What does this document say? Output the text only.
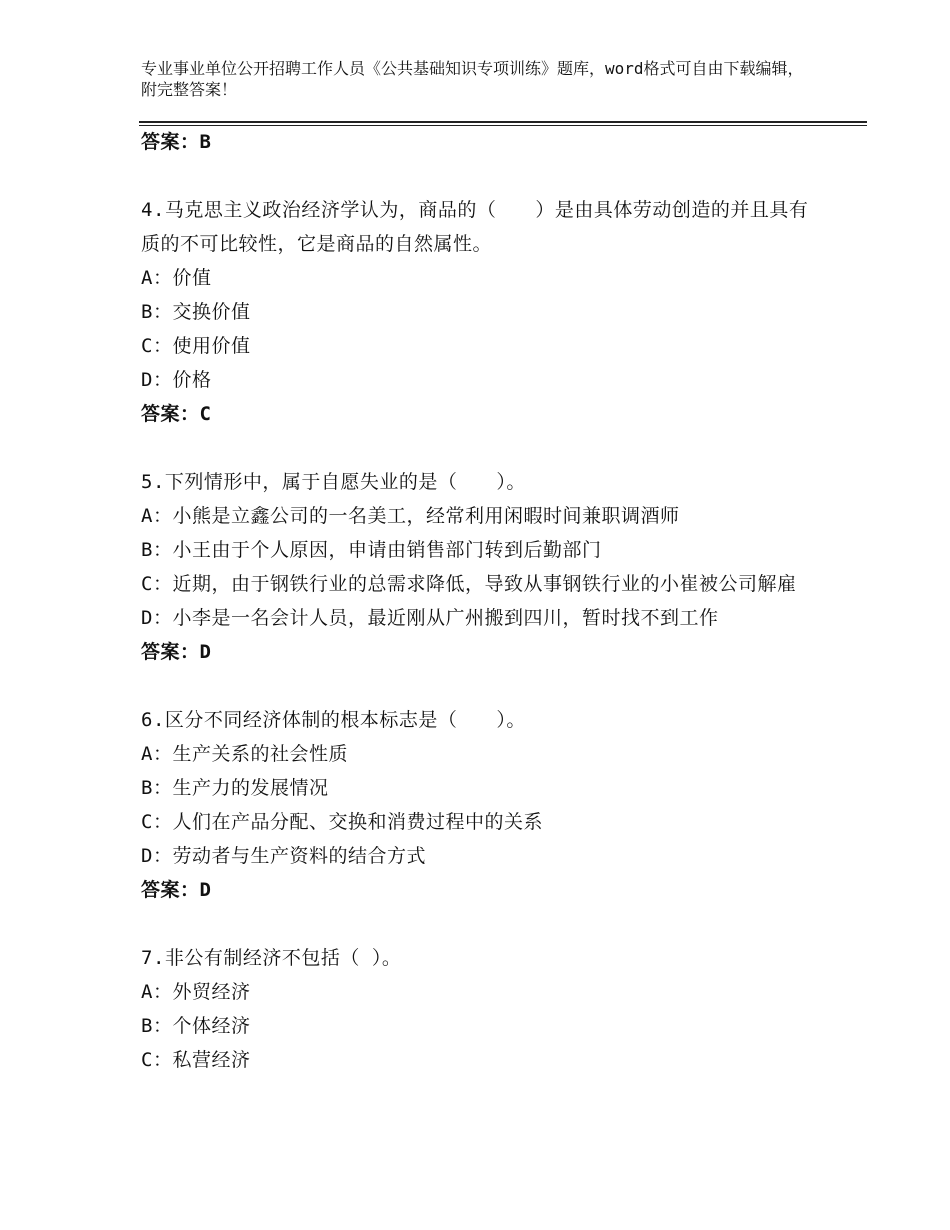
专业事业单位公开招聘工作人员《公共基础知识专项训练》题库，word格式可自由下载编辑，附完整答案！
答案：B
4.马克思主义政治经济学认为，商品的（　　）是由具体劳动创造的并且具有质的不可比较性，它是商品的自然属性。
A：价值
B：交换价值
C：使用价值
D：价格
答案：C
5.下列情形中，属于自愿失业的是（　　）。
A：小熊是立鑫公司的一名美工，经常利用闲暇时间兼职调酒师
B：小王由于个人原因，申请由销售部门转到后勤部门
C：近期，由于钢铁行业的总需求降低，导致从事钢铁行业的小崔被公司解雇
D：小李是一名会计人员，最近刚从广州搬到四川，暂时找不到工作
答案：D
6.区分不同经济体制的根本标志是（　　）。
A：生产关系的社会性质
B：生产力的发展情况
C：人们在产品分配、交换和消费过程中的关系
D：劳动者与生产资料的结合方式
答案：D
7.非公有制经济不包括（ ）。
A：外贸经济
B：个体经济
C：私营经济
